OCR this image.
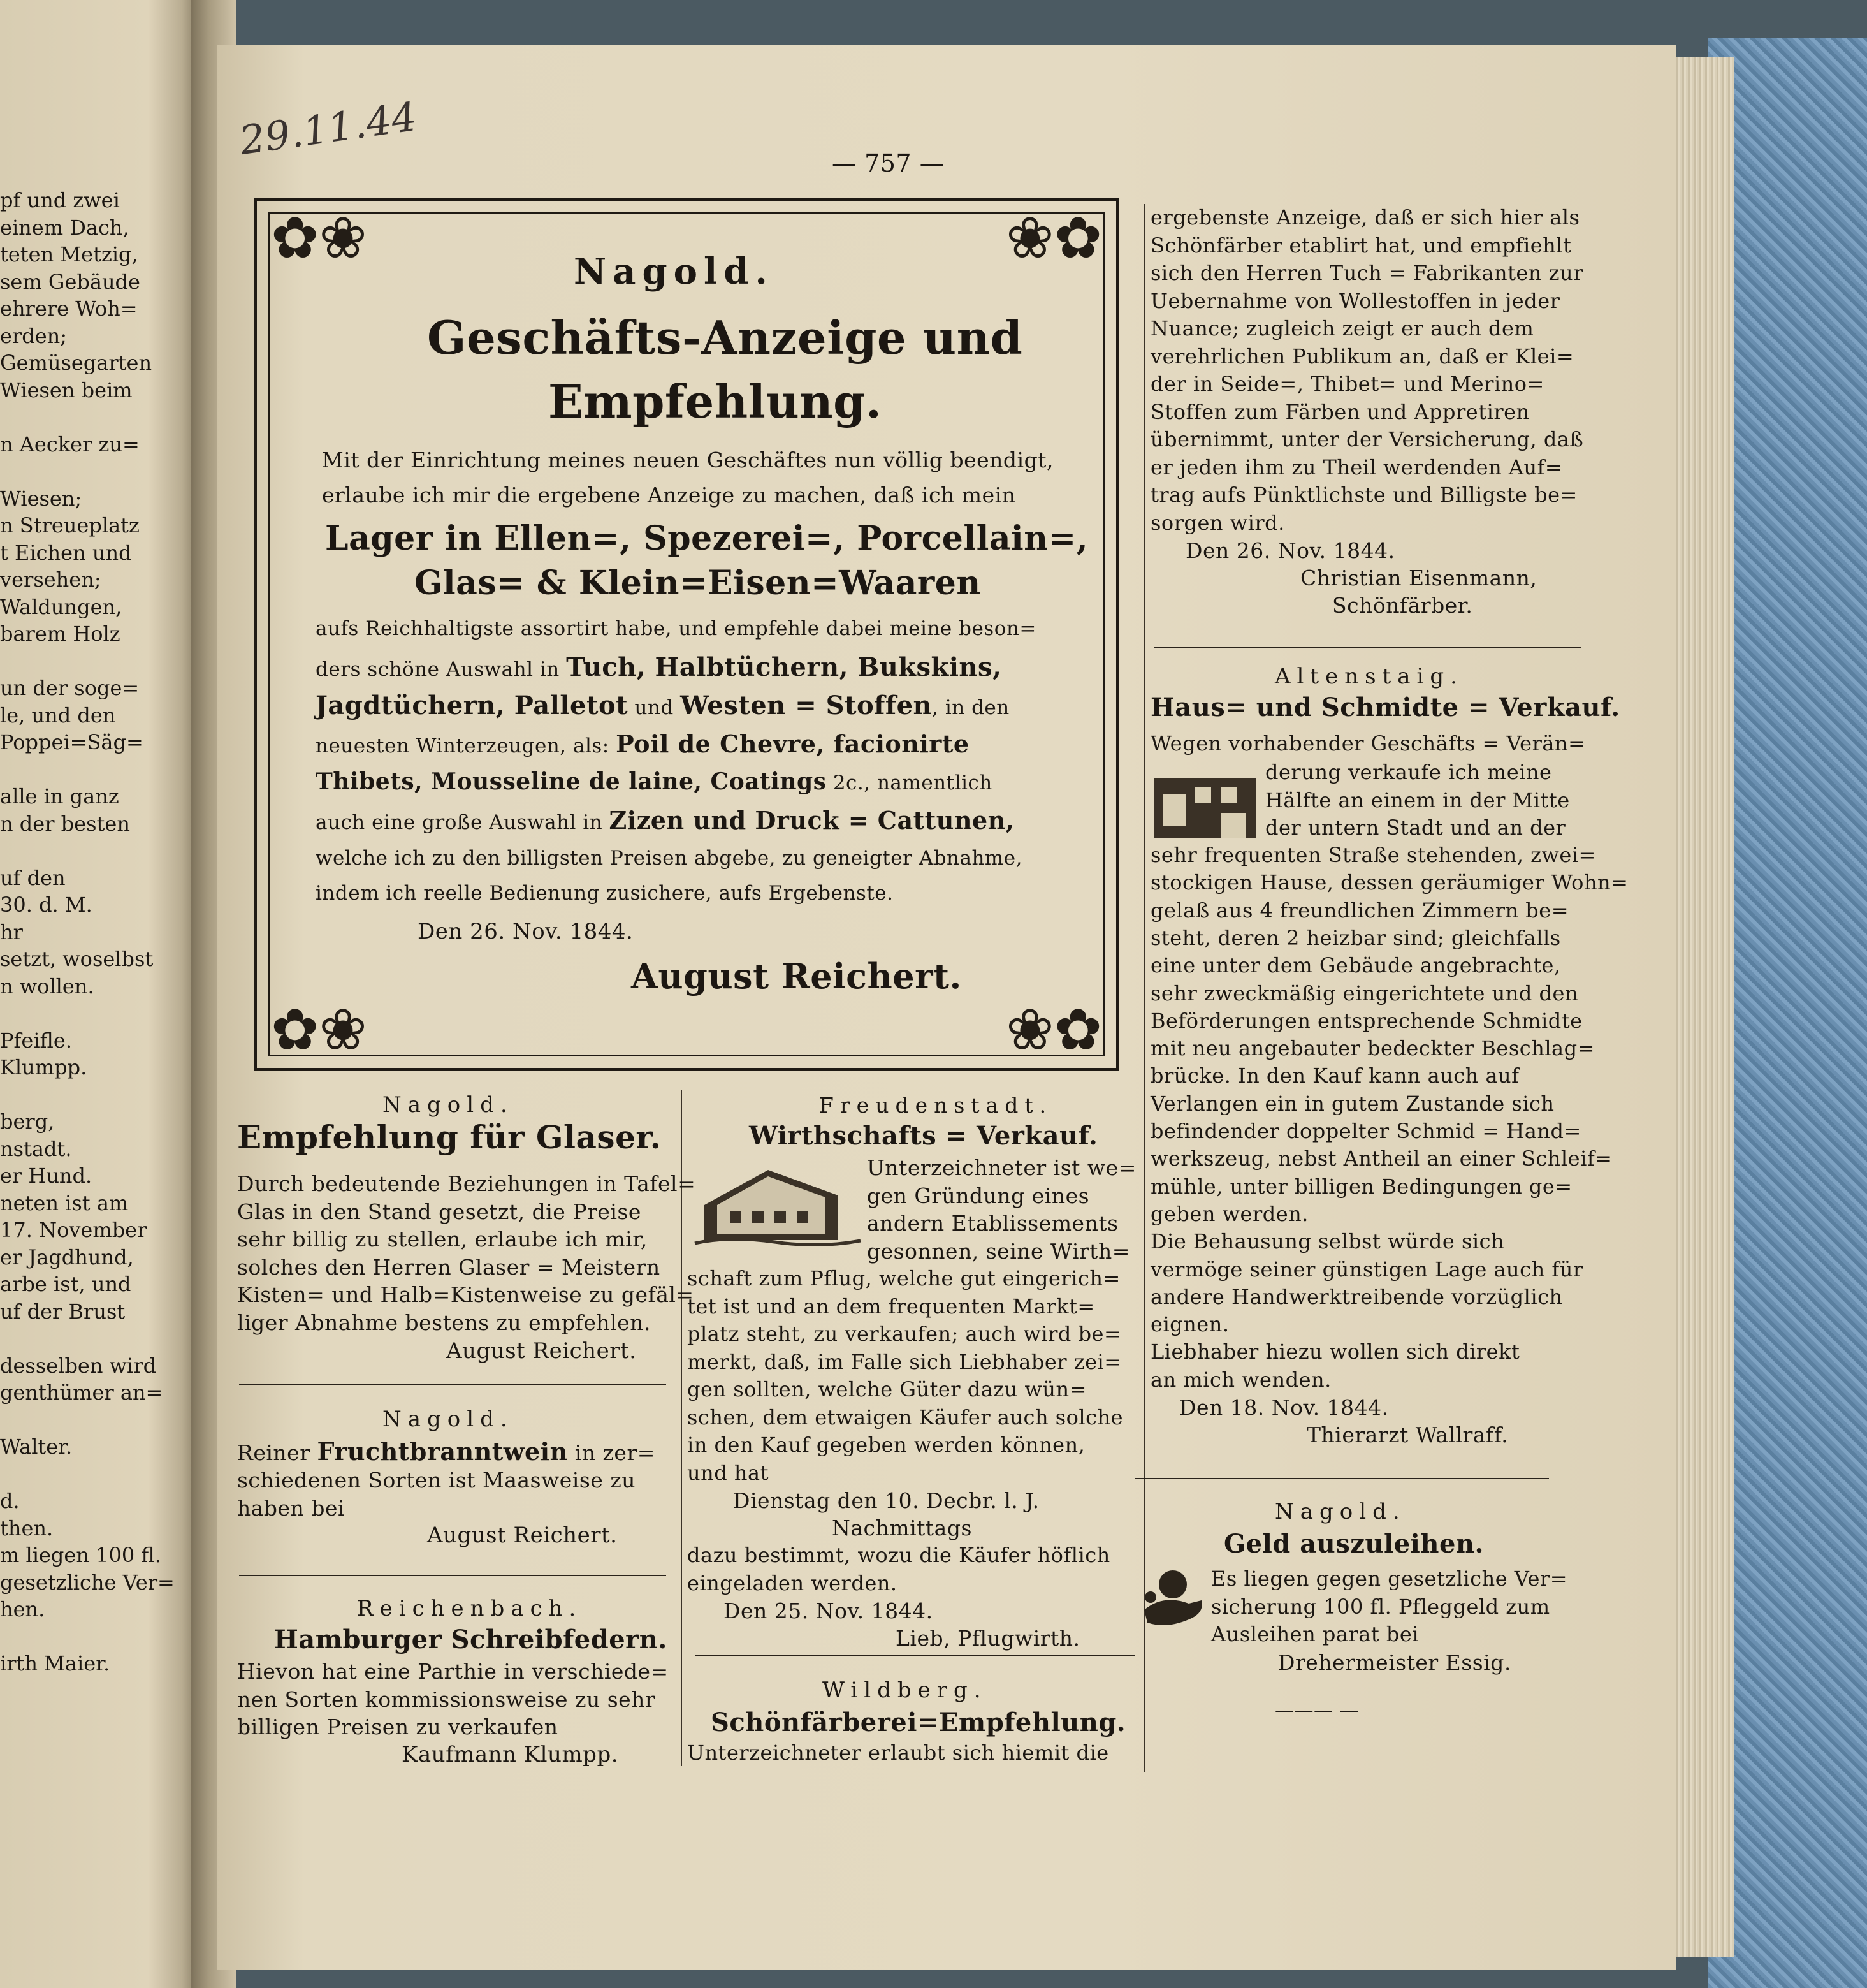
pf und zwei
einem Dach,
teten Metzig,
sem Gebäude
ehrere Woh=
erden;
Gemüsegarten
Wiesen beim
n Aecker zu=
Wiesen;
n Streueplatz
t Eichen und
versehen;
Waldungen,
barem Holz
un der soge=
le, und den
Poppei=Säg=
alle in ganz
n der besten
uf den
30. d. M.
hr
setzt, woselbst
n wollen.
Pfeifle.
Klumpp.
berg,
nstadt.
er Hund.
neten ist am
17. November
er Jagdhund,
arbe ist, und
uf der Brust
desselben wird
genthümer an=
Walter.
d.
then.
m liegen 100 fl.
gesetzliche Ver=
hen.
irth Maier.
29.11.44	— 757 —
✿❀	❀✿
✿❀	❀✿
Nagold.
Geschäfts-Anzeige und
Empfehlung.
Mit der Einrichtung meines neuen Geschäftes nun völlig beendigt,
erlaube ich mir die ergebene Anzeige zu machen, daß ich mein
Lager in Ellen=, Spezerei=, Porcellain=,
Glas= & Klein=Eisen=Waaren
aufs Reichhaltigste assortirt habe, und empfehle dabei meine beson=
ders schöne Auswahl in Tuch, Halbtüchern, Bukskins,
Jagdtüchern, Palletot und Westen = Stoffen, in den
neuesten Winterzeugen, als: Poil de Chevre, facionirte
Thibets, Mousseline de laine, Coatings 2c., namentlich
auch eine große Auswahl in Zizen und Druck = Cattunen,
welche ich zu den billigsten Preisen abgebe, zu geneigter Abnahme,
indem ich reelle Bedienung zusichere, aufs Ergebenste.
Den 26. Nov. 1844.
August Reichert.
Nagold.
Empfehlung für Glaser.
Durch bedeutende Beziehungen in Tafel=
Glas in den Stand gesetzt, die Preise
sehr billig zu stellen, erlaube ich mir,
solches den Herren Glaser = Meistern
Kisten= und Halb=Kistenweise zu gefäl=
liger Abnahme bestens zu empfehlen.
August Reichert.
Nagold.
Reiner Fruchtbranntwein in zer=
schiedenen Sorten ist Maasweise zu
haben bei
August Reichert.
Reichenbach.
Hamburger Schreibfedern.
Hievon hat eine Parthie in verschiede=
nen Sorten kommissionsweise zu sehr
billigen Preisen zu verkaufen
Kaufmann Klumpp.
Freudenstadt.
Wirthschafts = Verkauf.
Unterzeichneter ist we=
gen Gründung eines
andern Etablissements
gesonnen, seine Wirth=
schaft zum Pflug, welche gut eingerich=
tet ist und an dem frequenten Markt=
platz steht, zu verkaufen; auch wird be=
merkt, daß, im Falle sich Liebhaber zei=
gen sollten, welche Güter dazu wün=
schen, dem etwaigen Käufer auch solche
in den Kauf gegeben werden können,
und hat
Dienstag den 10. Decbr. l. J.
Nachmittags
dazu bestimmt, wozu die Käufer höflich
eingeladen werden.
Den 25. Nov. 1844.
Lieb, Pflugwirth.
Wildberg.
Schönfärberei=Empfehlung.
Unterzeichneter erlaubt sich hiemit die
ergebenste Anzeige, daß er sich hier als
Schönfärber etablirt hat, und empfiehlt
sich den Herren Tuch = Fabrikanten zur
Uebernahme von Wollestoffen in jeder
Nuance; zugleich zeigt er auch dem
verehrlichen Publikum an, daß er Klei=
der in Seide=, Thibet= und Merino=
Stoffen zum Färben und Appretiren
übernimmt, unter der Versicherung, daß
er jeden ihm zu Theil werdenden Auf=
trag aufs Pünktlichste und Billigste be=
sorgen wird.
Den 26. Nov. 1844.
Christian Eisenmann,
Schönfärber.
Altenstaig.
Haus= und Schmidte = Verkauf.
Wegen vorhabender Geschäfts = Verän=
derung verkaufe ich meine
Hälfte an einem in der Mitte
der untern Stadt und an der
sehr frequenten Straße stehenden, zwei=
stockigen Hause, dessen geräumiger Wohn=
gelaß aus 4 freundlichen Zimmern be=
steht, deren 2 heizbar sind; gleichfalls
eine unter dem Gebäude angebrachte,
sehr zweckmäßig eingerichtete und den
Beförderungen entsprechende Schmidte
mit neu angebauter bedeckter Beschlag=
brücke. In den Kauf kann auch auf
Verlangen ein in gutem Zustande sich
befindender doppelter Schmid = Hand=
werkszeug, nebst Antheil an einer Schleif=
mühle, unter billigen Bedingungen ge=
geben werden.
Die Behausung selbst würde sich
vermöge seiner günstigen Lage auch für
andere Handwerktreibende vorzüglich
eignen.
Liebhaber hiezu wollen sich direkt
an mich wenden.
Den 18. Nov. 1844.
Thierarzt Wallraff.
Nagold.
Geld auszuleihen.
Es liegen gegen gesetzliche Ver=
sicherung 100 fl. Pfleggeld zum
Ausleihen parat bei
Drehermeister Essig.
——— —
